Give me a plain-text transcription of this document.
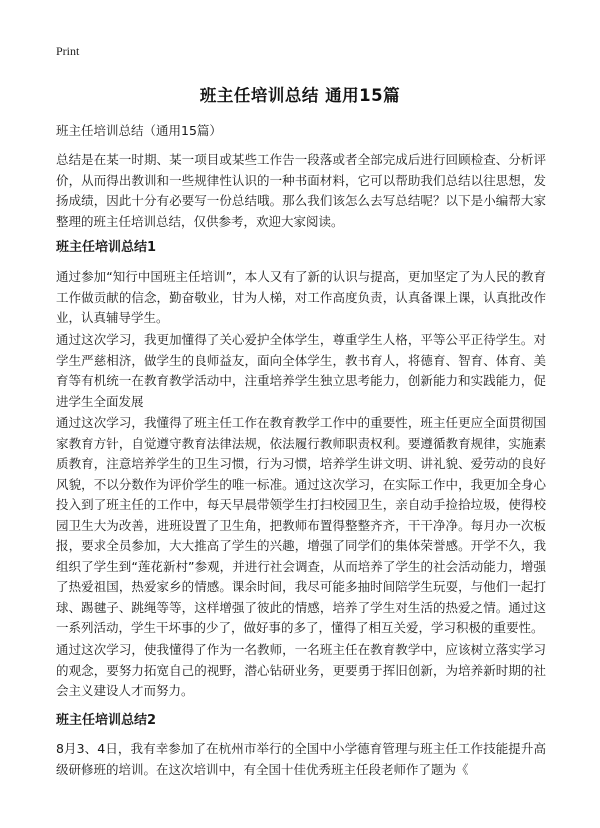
Print
班主任培训总结 通用15篇
班主任培训总结（通用15篇）

总结是在某一时期、某一项目或某些工作告一段落或者全部完成后进行回顾检查、分析评价，从而得出教训和一些规律性认识的一种书面材料，它可以帮助我们总结以往思想，发扬成绩，因此十分有必要写一份总结哦。那么我们该怎么去写总结呢？以下是小编帮大家整理的班主任培训总结，仅供参考，欢迎大家阅读。

班主任培训总结1

通过参加“知行中国班主任培训”，本人又有了新的认识与提高，更加坚定了为人民的教育工作做贡献的信念，勤奋敬业，甘为人梯，对工作高度负责，认真备课上课，认真批改作业，认真辅导学生。

通过这次学习，我更加懂得了关心爱护全体学生，尊重学生人格，平等公平正待学生。对学生严慈相济，做学生的良师益友，面向全体学生，教书育人，将德育、智育、体育、美育等有机统一在教育教学活动中，注重培养学生独立思考能力，创新能力和实践能力，促进学生全面发展

通过这次学习，我懂得了班主任工作在教育教学工作中的重要性，班主任更应全面贯彻国家教育方针，自觉遵守教育法律法规，依法履行教师职责权利。要遵循教育规律，实施素质教育，注意培养学生的卫生习惯，行为习惯，培养学生讲文明、讲礼貌、爱劳动的良好风貌，不以分数作为评价学生的唯一标准。通过这次学习，在实际工作中，我更加全身心投入到了班主任的工作中，每天早晨带领学生打扫校园卫生，亲自动手捡拾垃圾，使得校园卫生大为改善，进班设置了卫生角，把教师布置得整整齐齐，干干净净。每月办一次板报，要求全员参加，大大推高了学生的兴趣，增强了同学们的集体荣誉感。开学不久，我组织了学生到“莲花新村”参观，并进行社会调查，从而培养了学生的社会活动能力，增强了热爱祖国，热爱家乡的情感。课余时间，我尽可能多抽时间陪学生玩耍，与他们一起打球、踢毽子、跳绳等等，这样增强了彼此的情感，培养了学生对生活的热爱之情。通过这一系列活动，学生干坏事的少了，做好事的多了，懂得了相互关爱，学习积极的重要性。

通过这次学习，使我懂得了作为一名教师，一名班主任在教育教学中，应该树立落实学习的观念，要努力拓宽自己的视野，潜心钻研业务，更要勇于挥旧创新，为培养新时期的社会主义建设人才而努力。

班主任培训总结2

8月3、4日，我有幸参加了在杭州市举行的全国中小学德育管理与班主任工作技能提升高级研修班的培训。在这次培训中，有全国十佳优秀班主任段老师作了题为《
